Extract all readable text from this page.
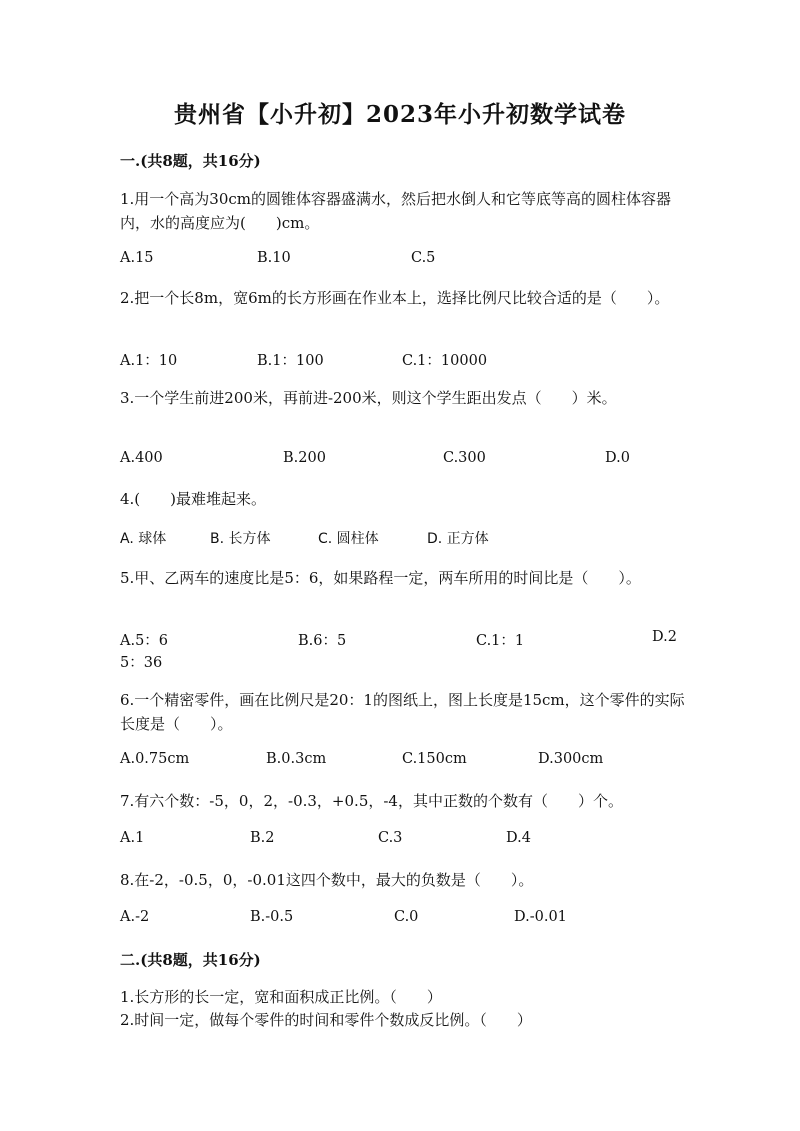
贵州省【小升初】2023年小升初数学试卷
一.(共8题，共16分)
1.用一个高为30cm的圆锥体容器盛满水，然后把水倒人和它等底等高的圆柱体容器内，水的高度应为(　　)cm。
A.15	B.10	C.5
2.把一个长8m，宽6m的长方形画在作业本上，选择比例尺比较合适的是（　　）。
A.1：10	B.1：100	C.1：10000
3.一个学生前进200米，再前进-200米，则这个学生距出发点（　　）米。
A.400	B.200	C.300	D.0
4.(　　)最难堆起来。
A. 球体	B. 长方体	C. 圆柱体	D. 正方体
5.甲、乙两车的速度比是5：6，如果路程一定，两车所用的时间比是（　　）。
A.5：6	B.6：5	C.1：1	D.2
5：36
6.一个精密零件，画在比例尺是20：1的图纸上，图上长度是15cm，这个零件的实际长度是（　　）。
A.0.75cm	B.0.3cm	C.150cm	D.300cm
7.有六个数：-5，0，2，-0.3，+0.5，-4，其中正数的个数有（　　）个。
A.1	B.2	C.3	D.4
8.在-2，-0.5，0，-0.01这四个数中，最大的负数是（　　）。
A.-2	B.-0.5	C.0	D.-0.01
二.(共8题，共16分)
1.长方形的长一定，宽和面积成正比例。（　　）
2.时间一定，做每个零件的时间和零件个数成反比例。（　　）
